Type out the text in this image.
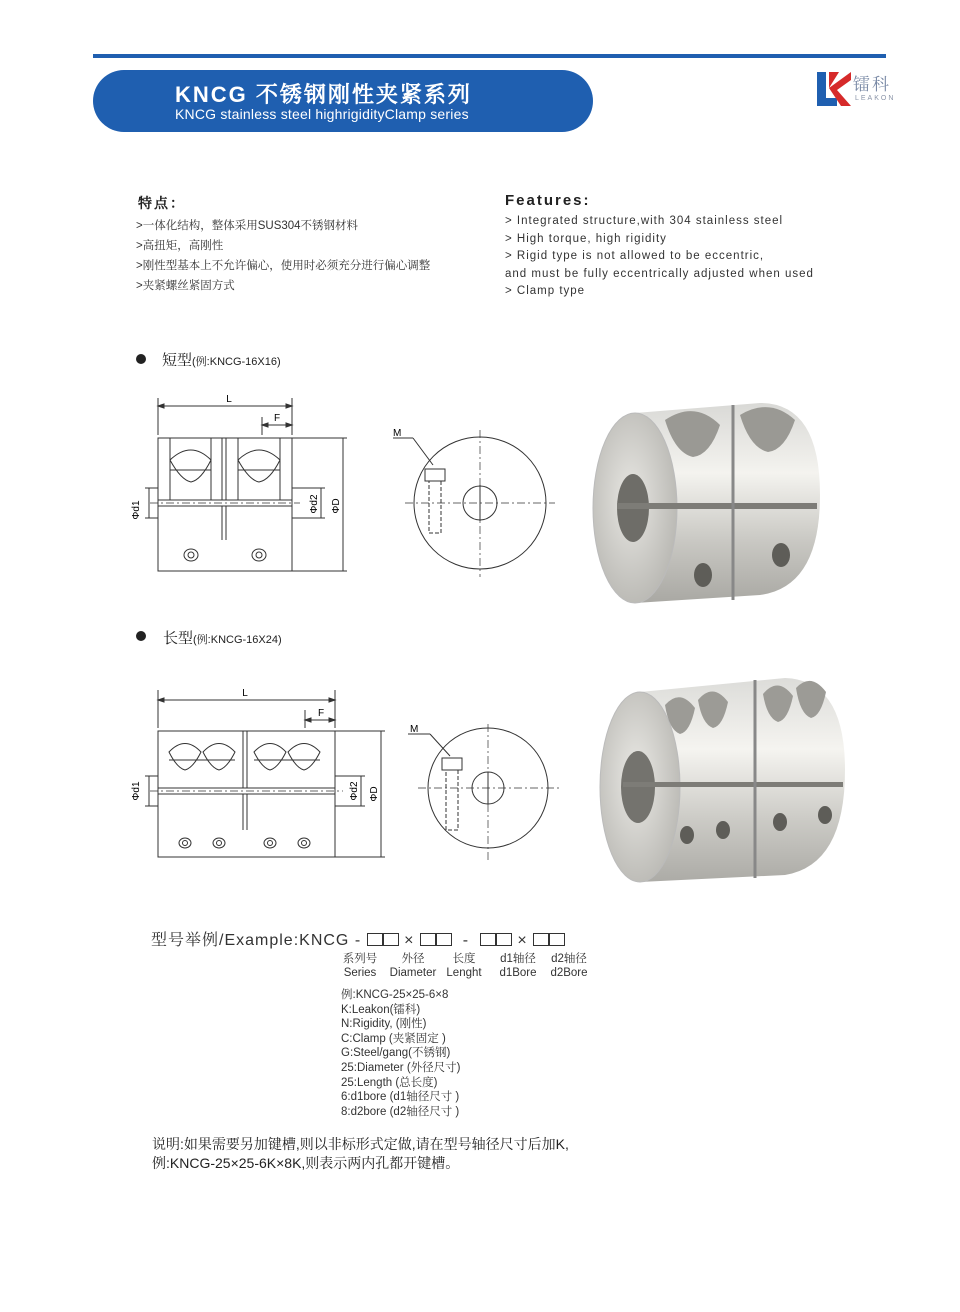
KNCG 不锈钢刚性夹紧系列
KNCG stainless steel highrigidityClamp series
镭科
LEAKON
特点：
>一体化结构，整体采用SUS304不锈钢材料
>高扭矩，高刚性
>刚性型基本上不允许偏心，使用时必须充分进行偏心调整
>夹紧螺丝紧固方式
Features:
> Integrated structure,with 304 stainless steel
> High torque, high rigidity
> Rigid type is not allowed to be eccentric,
and must be fully eccentrically adjusted when used
> Clamp type
短型(例:KNCG-16X16)
L
F
Φd1	Φd2 ΦD
M
长型(例:KNCG-16X24)
L
F
Φd1	Φd2 ΦD
M
型号举例/Example:KNCG -	×	-	×
系列号
Series
外径
Diameter
长度
Lenght
d1轴径
d1Bore
d2轴径
d2Bore
例:KNCG-25×25-6×8
K:Leakon(镭科)
N:Rigidity, (刚性)
C:Clamp (夹紧固定 )
G:Steel/gang(不锈钢)
25:Diameter (外径尺寸)
25:Length (总长度)
6:d1bore (d1轴径尺寸 )
8:d2bore (d2轴径尺寸 )
说明:如果需要另加键槽,则以非标形式定做,请在型号轴径尺寸后加K,
例:KNCG-25×25-6K×8K,则表示两内孔都开键槽。
